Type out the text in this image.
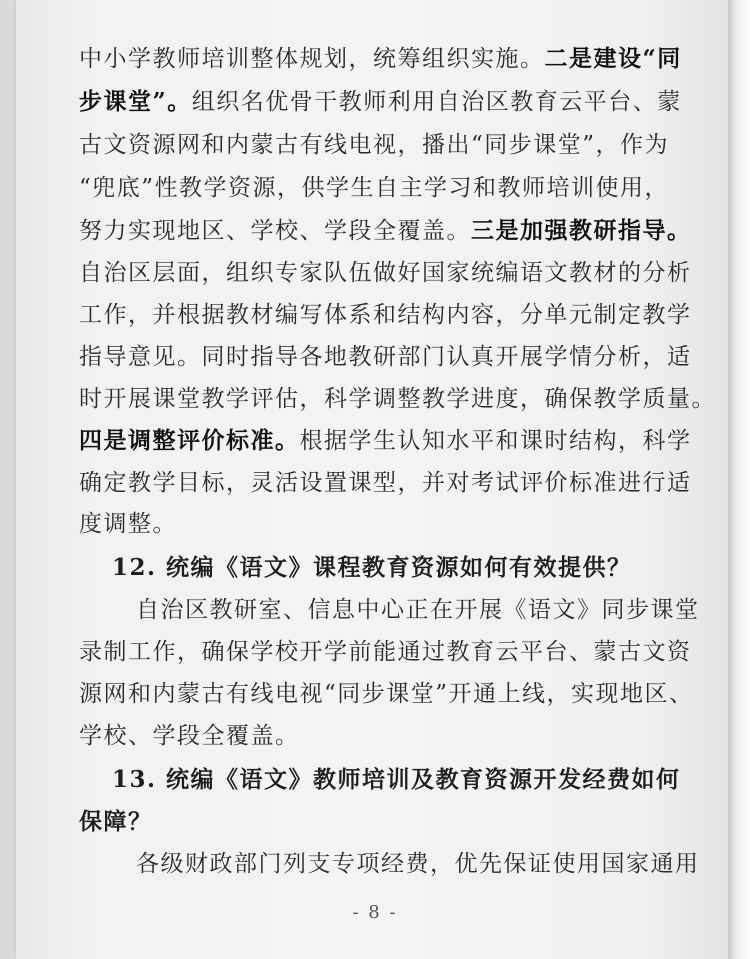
中小学教师培训整体规划，统筹组织实施。二是建设“同
步课堂”。组织名优骨干教师利用自治区教育云平台、蒙
古文资源网和内蒙古有线电视，播出“同步课堂”，作为
“兜底”性教学资源，供学生自主学习和教师培训使用，
努力实现地区、学校、学段全覆盖。三是加强教研指导。
自治区层面，组织专家队伍做好国家统编语文教材的分析
工作，并根据教材编写体系和结构内容，分单元制定教学
指导意见。同时指导各地教研部门认真开展学情分析，适
时开展课堂教学评估，科学调整教学进度，确保教学质量。
四是调整评价标准。根据学生认知水平和课时结构，科学
确定教学目标，灵活设置课型，并对考试评价标准进行适
度调整。
12. 统编《语文》课程教育资源如何有效提供？
自治区教研室、信息中心正在开展《语文》同步课堂
录制工作，确保学校开学前能通过教育云平台、蒙古文资
源网和内蒙古有线电视“同步课堂”开通上线，实现地区、
学校、学段全覆盖。
13. 统编《语文》教师培训及教育资源开发经费如何
保障？
各级财政部门列支专项经费，优先保证使用国家通用
- 8 -
